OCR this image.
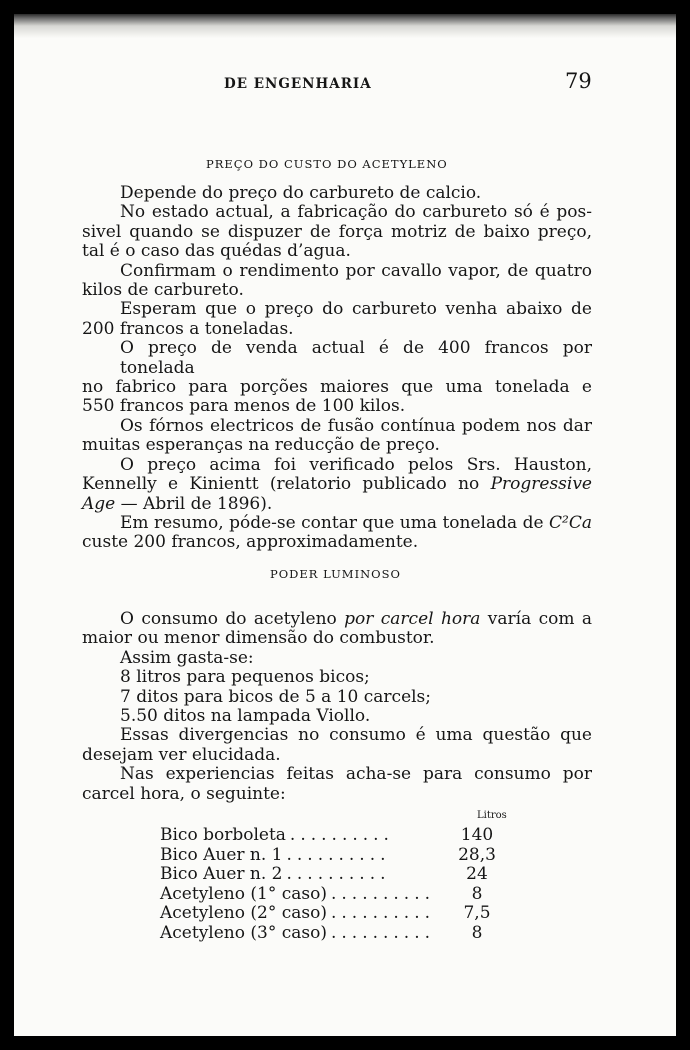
DE ENGENHARIA	79
PREÇO DO CUSTO DO ACETYLENO
Depende do preço do carbureto de calcio.
No estado actual, a fabricação do carbureto só é pos-
sivel quando se dispuzer de força motriz de baixo preço,
tal é o caso das quédas d’agua.
Confirmam o rendimento por cavallo vapor, de quatro
kilos de carbureto.
Esperam que o preço do carbureto venha abaixo de
200 francos a toneladas.
O preço de venda actual é de 400 francos por tonelada
no fabrico para porções maiores que uma tonelada e
550 francos para menos de 100 kilos.
Os fórnos electricos de fusão contínua podem nos dar
muitas esperanças na reducção de preço.
O preço acima foi verificado pelos Srs. Hauston,
Kennelly e Kinientt (relatorio publicado no Progressive
Age — Abril de 1896).
Em resumo, póde-se contar que uma tonelada de C²Ca
custe 200 francos, approximadamente.
PODER LUMINOSO
O consumo do acetyleno por carcel hora varía com a
maior ou menor dimensão do combustor.
Assim gasta-se:
8 litros para pequenos bicos;
7 ditos para bicos de 5 a 10 carcels;
5.50 ditos na lampada Viollo.
Essas divergencias no consumo é uma questão que
desejam ver elucidada.
Nas experiencias feitas acha-se para consumo por
carcel hora, o seguinte:
Litros
Bico borboleta ..........	140
Bico Auer n. 1 ..........	28,3
Bico Auer n. 2 ..........	24
Acetyleno (1° caso) ..........	8
Acetyleno (2° caso) ..........	7,5
Acetyleno (3° caso) ..........	8
